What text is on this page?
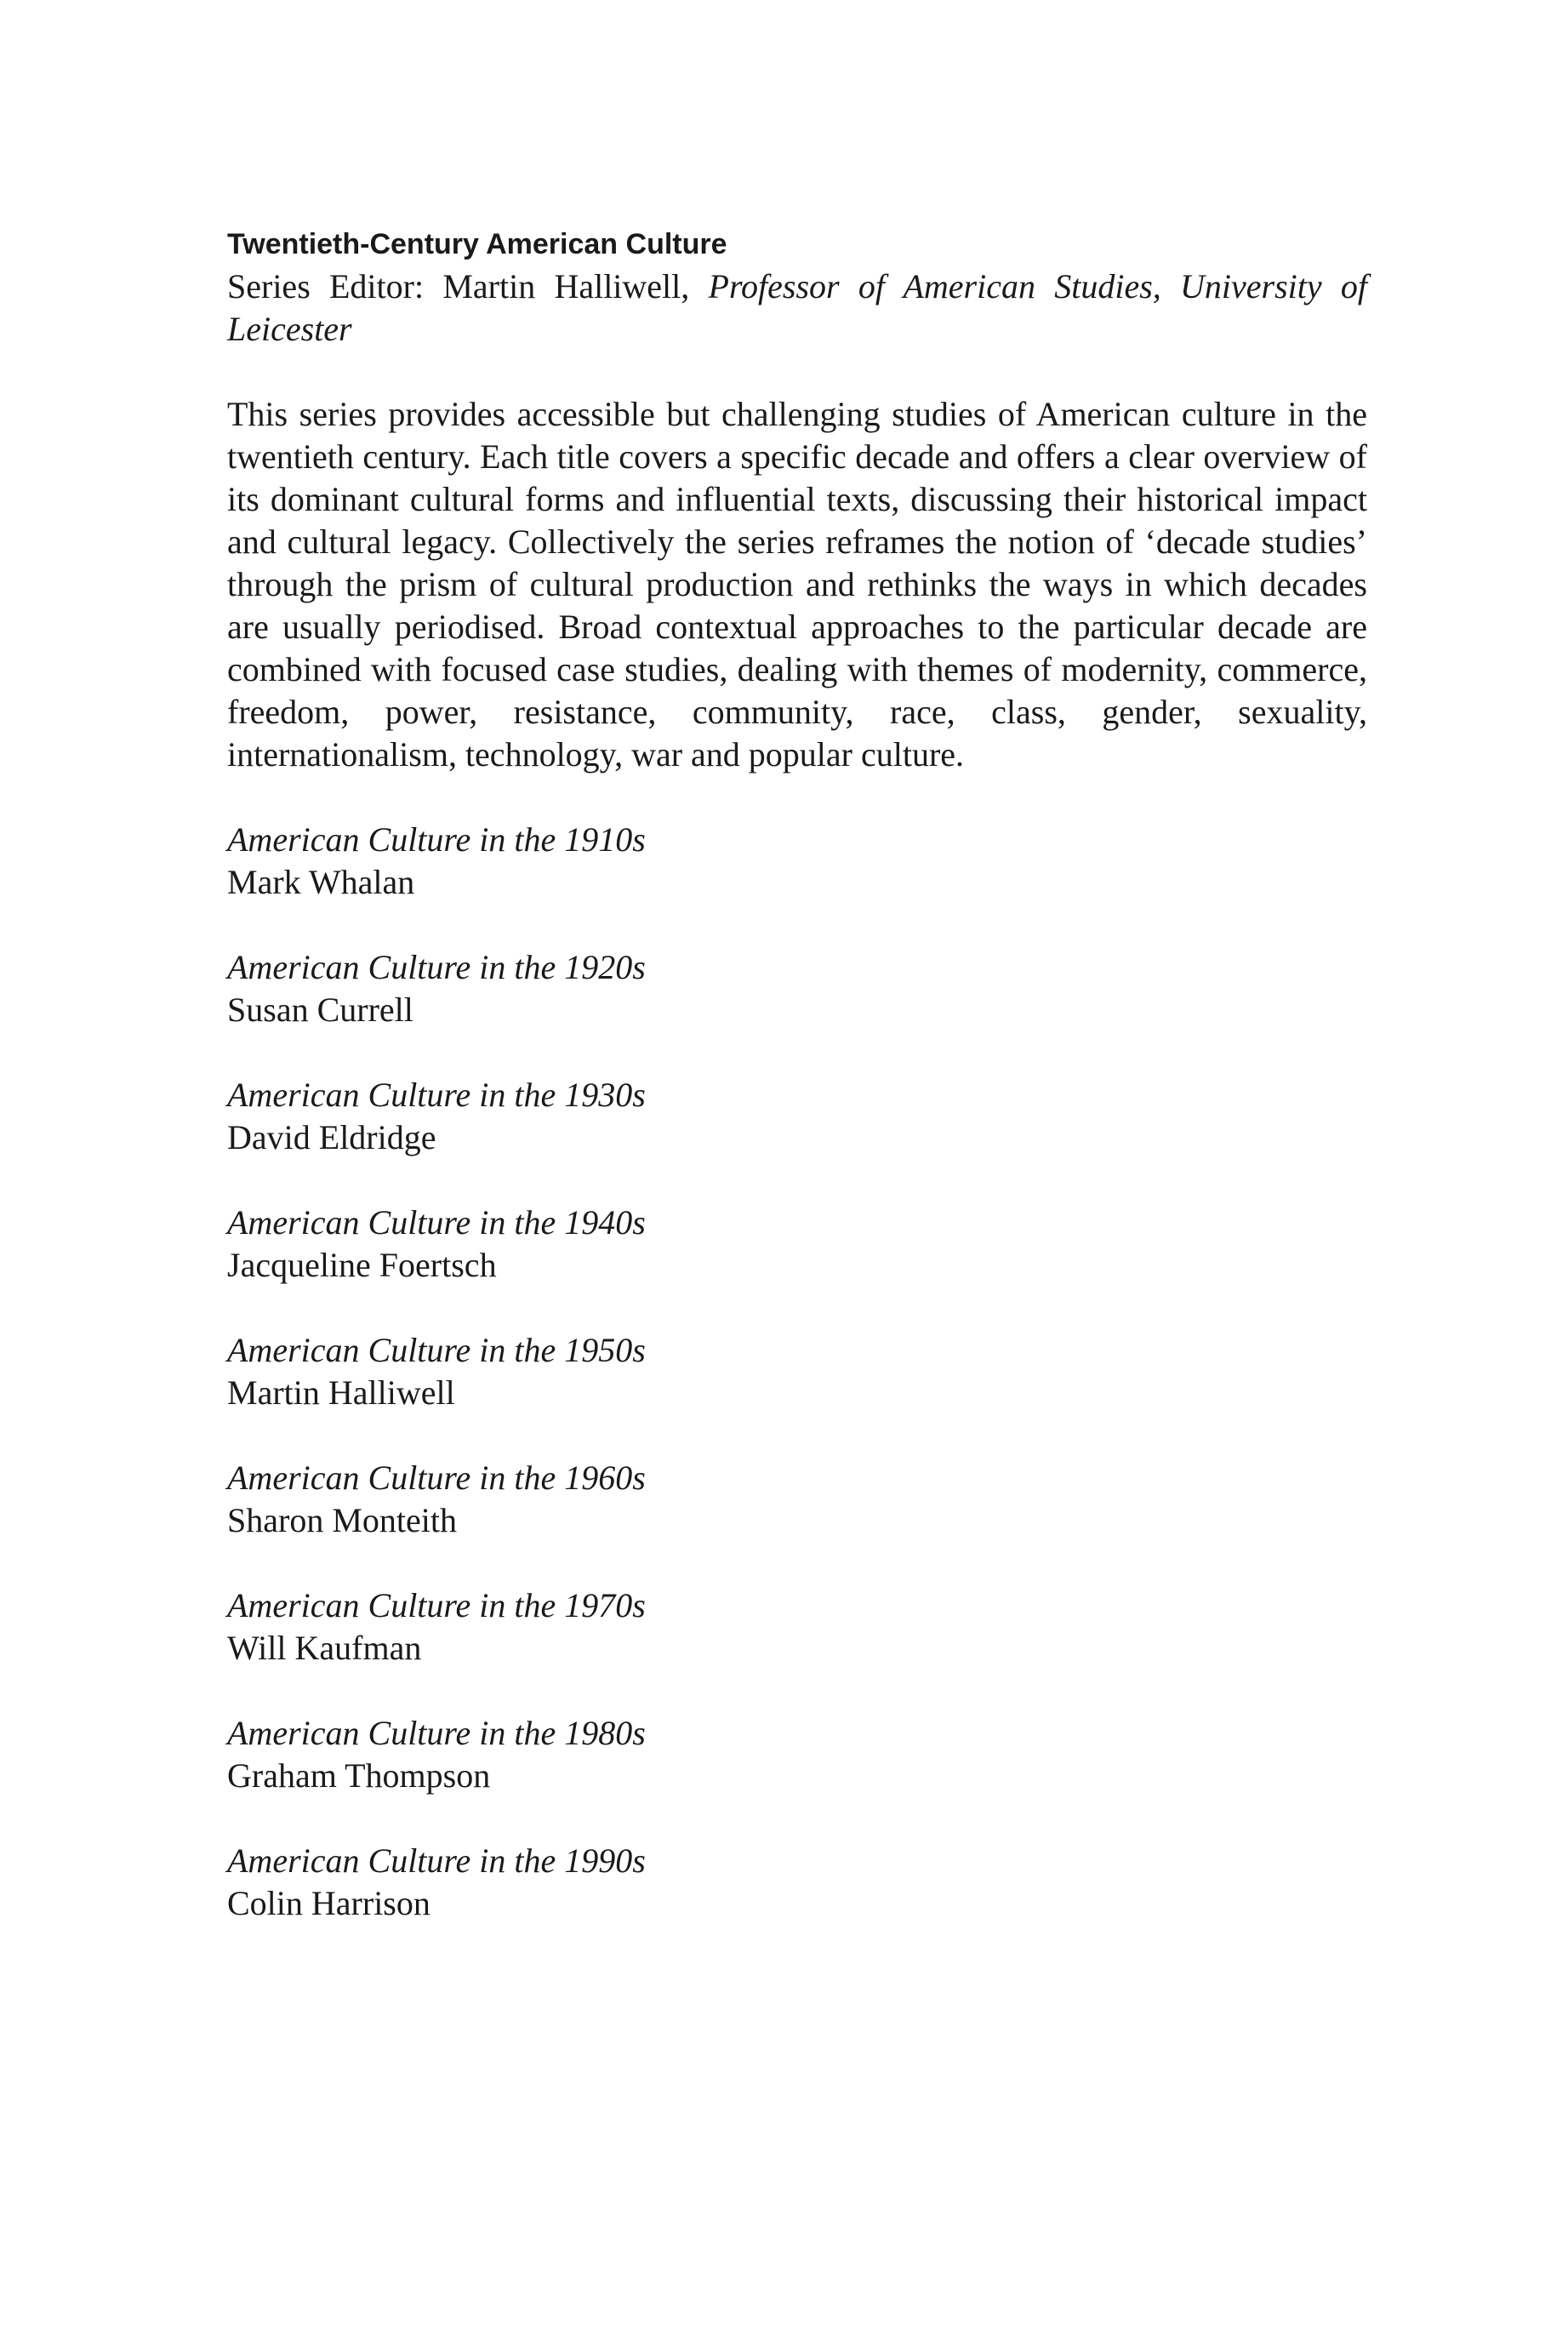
Twentieth-Century American Culture

Series Editor: Martin Halliwell, Professor of American Studies, University of Leicester

This series provides accessible but challenging studies of American culture in the twentieth century. Each title covers a specific decade and offers a clear overview of its dominant cultural forms and influential texts, discussing their historical impact and cultural legacy. Collectively the series reframes the notion of ‘decade studies’ through the prism of cultural production and rethinks the ways in which decades are usually periodised. Broad contextual approaches to the particular decade are combined with focused case studies, dealing with themes of modernity, commerce, freedom, power, resistance, community, race, class, gender, sexuality, internationalism, technology, war and popular culture.

American Culture in the 1910s
Mark Whalan
American Culture in the 1920s
Susan Currell
American Culture in the 1930s
David Eldridge
American Culture in the 1940s
Jacqueline Foertsch
American Culture in the 1950s
Martin Halliwell
American Culture in the 1960s
Sharon Monteith
American Culture in the 1970s
Will Kaufman
American Culture in the 1980s
Graham Thompson
American Culture in the 1990s
Colin Harrison
